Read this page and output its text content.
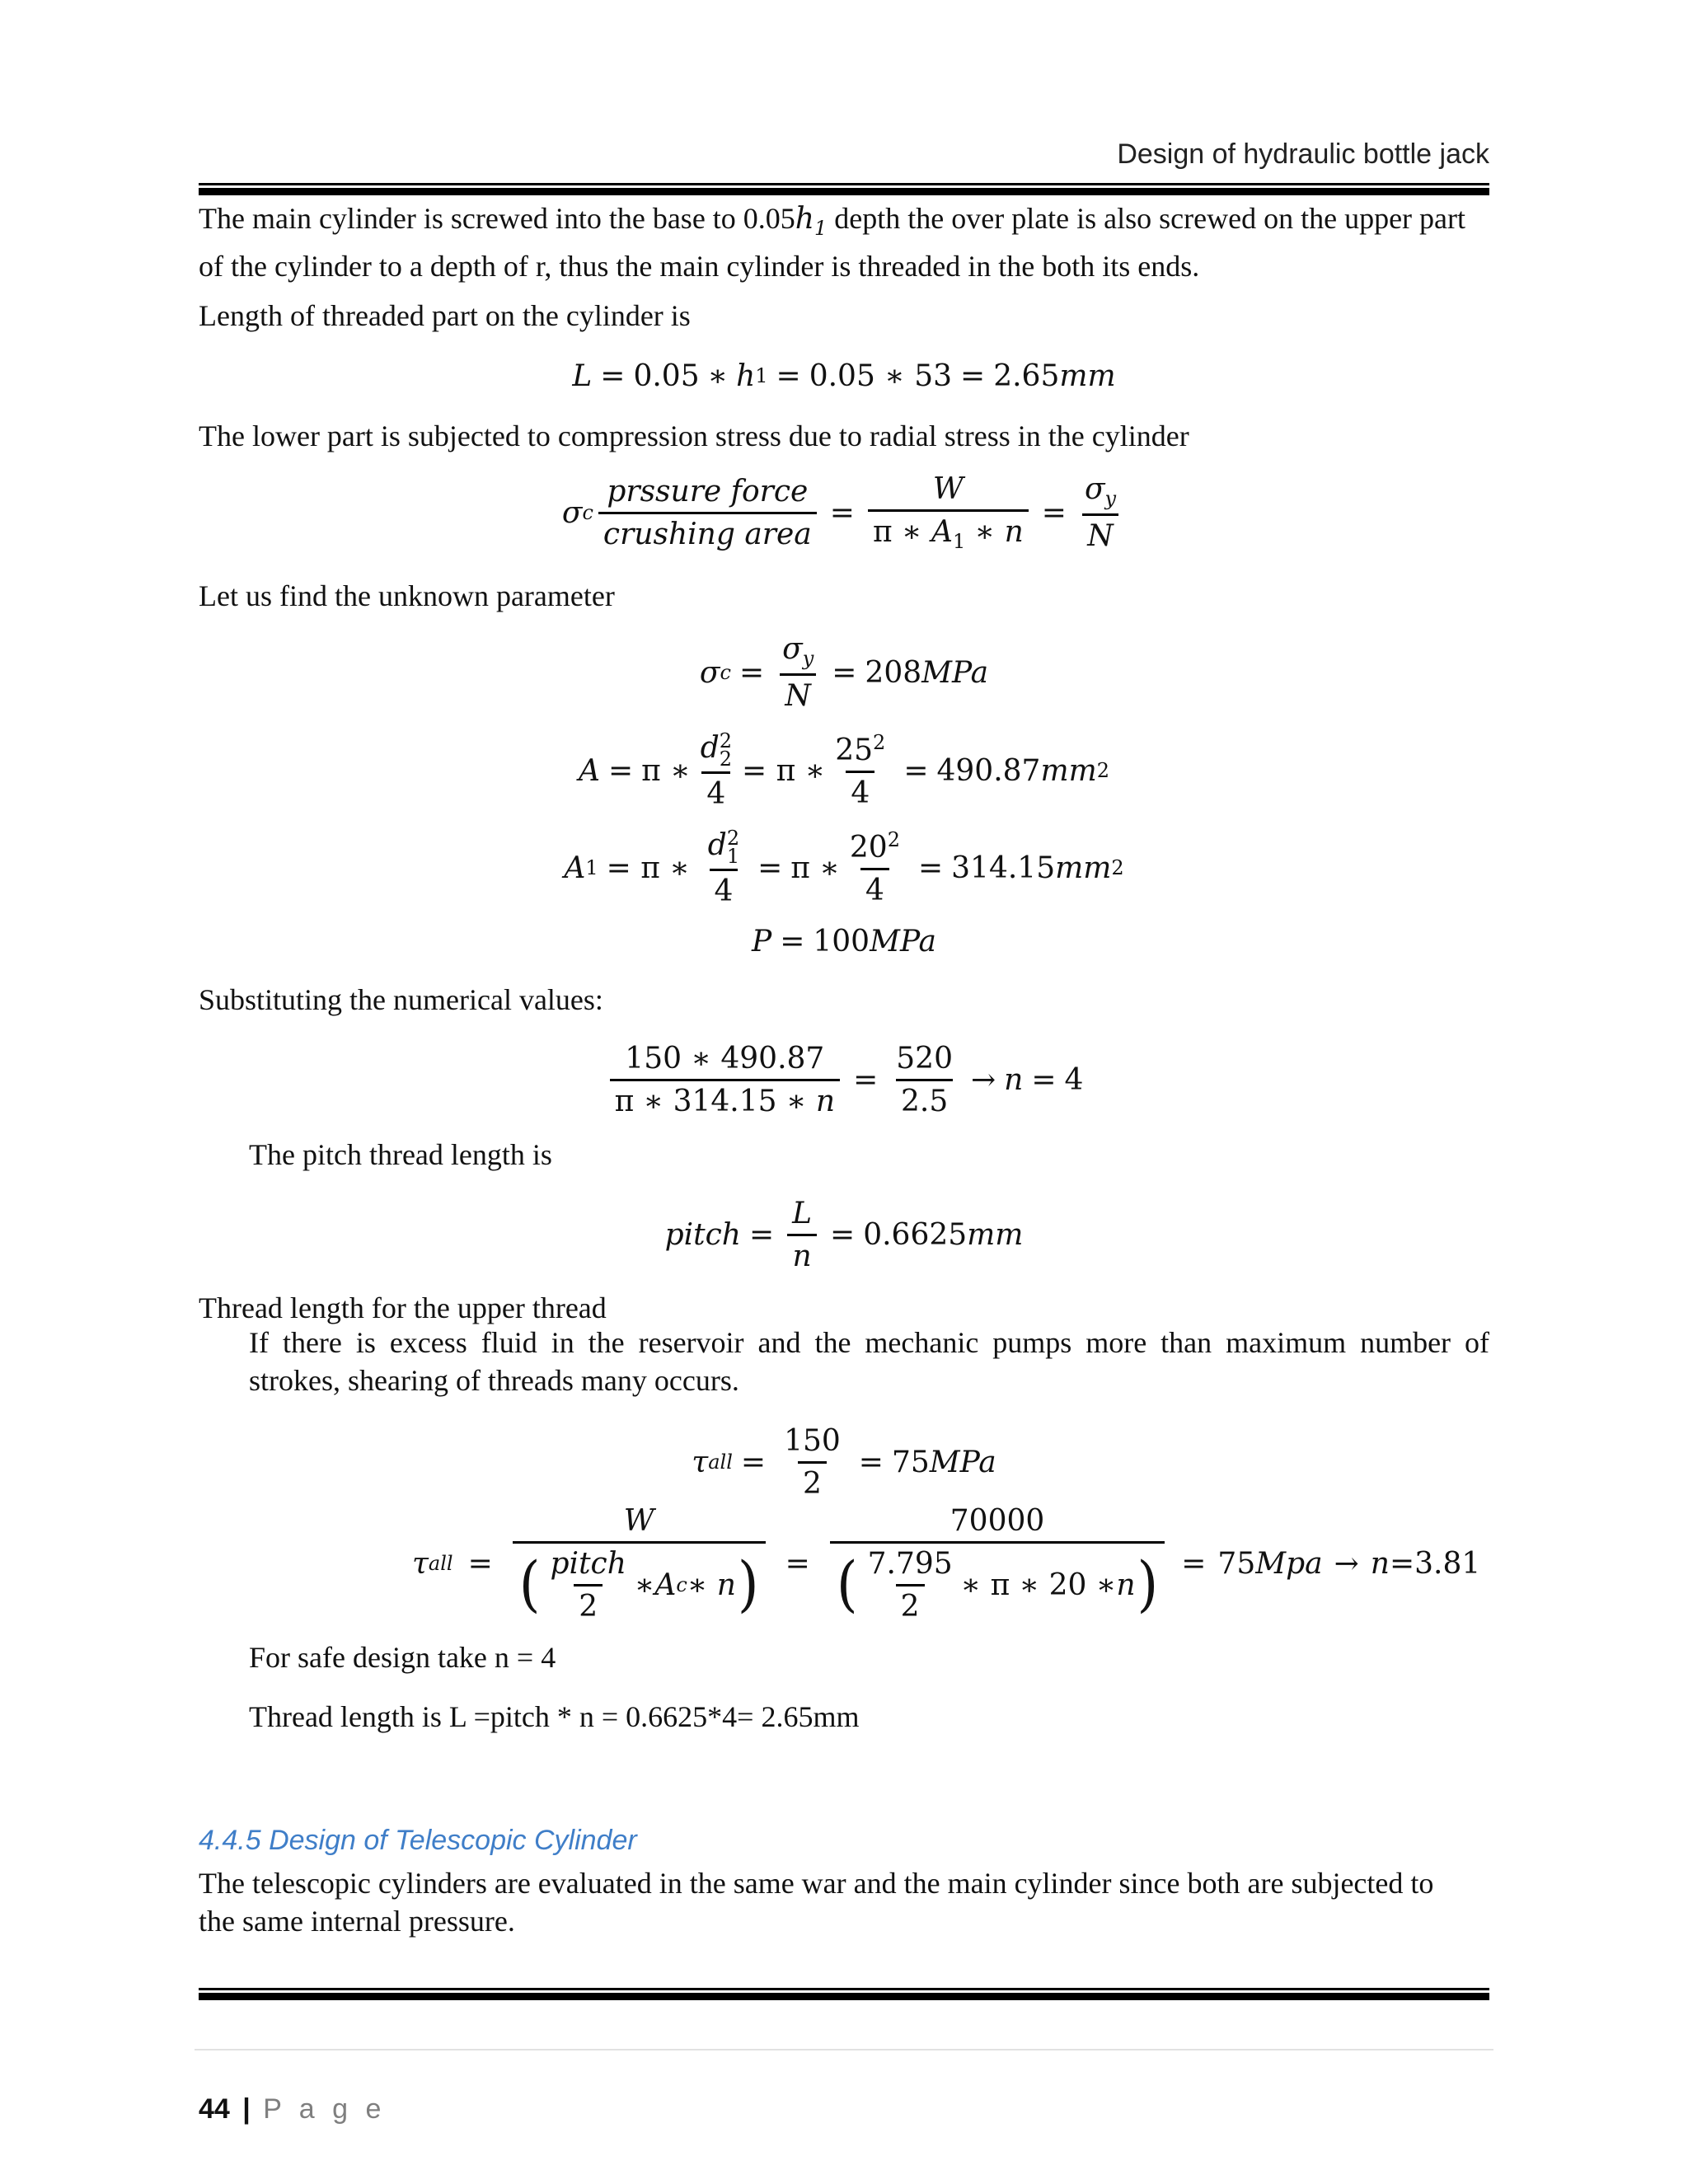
Design of hydraulic bottle jack
The main cylinder is screwed into the base to $0.05h_1$ depth the over plate is also screwed on the upper part
of the cylinder to a depth of r, thus the main cylinder is threaded in the both its ends.
Length of threaded part on the cylinder is
L = 0.05 ∗ h 1 = 0.05 ∗ 53 = 2.65 mm
The lower part is subjected to compression stress due to radial stress in the cylinder
σ c $\frac{\text{prssure force}}{\text{crushing area}} = \frac{W}{\pi ∗ A_1 ∗ n} = \frac{\sigma_y}{N}$
Let us find the unknown parameter
σ $c = \frac{\sigma_y}{N} = 208$ MPa
A = π ∗ d 2
2
4 = π ∗ $\frac{25^2}{4} = 490.87$ mm 2
A 1 = π ∗ d 2
1
4 = π ∗ $\frac{20^2}{4} = 314.15$ mm 2
P = 100 MPa
Substituting the numerical values:
$\frac{150 ∗ 490.87}{\pi ∗ 314.15 ∗ n} = \frac{520}{2.5} \to n = 4$
The pitch thread length is
pitch = $\frac{L}{n} = 0.6625$ mm
Thread length for the upper thread
If there is excess fluid in the reservoir and the mechanic pumps more than maximum number of
strokes, shearing of threads many occurs.
τ all = $\frac{150}{2} = 75$ MPa
τ all = $\frac{W}{( \frac{\text{pitch}}{2} ∗ A c ∗ n )} = \frac{70000}{( \frac{7.795}{2} ∗ \pi ∗ 20 ∗ n )} = 75$ Mpa → n = 3.81
For safe design take n = 4
Thread length is L =pitch * n = 0.6625*4= 2.65mm
4.4.5 Design of Telescopic Cylinder
The telescopic cylinders are evaluated in the same war and the main cylinder since both are subjected to
the same internal pressure.
44 | P a g e
